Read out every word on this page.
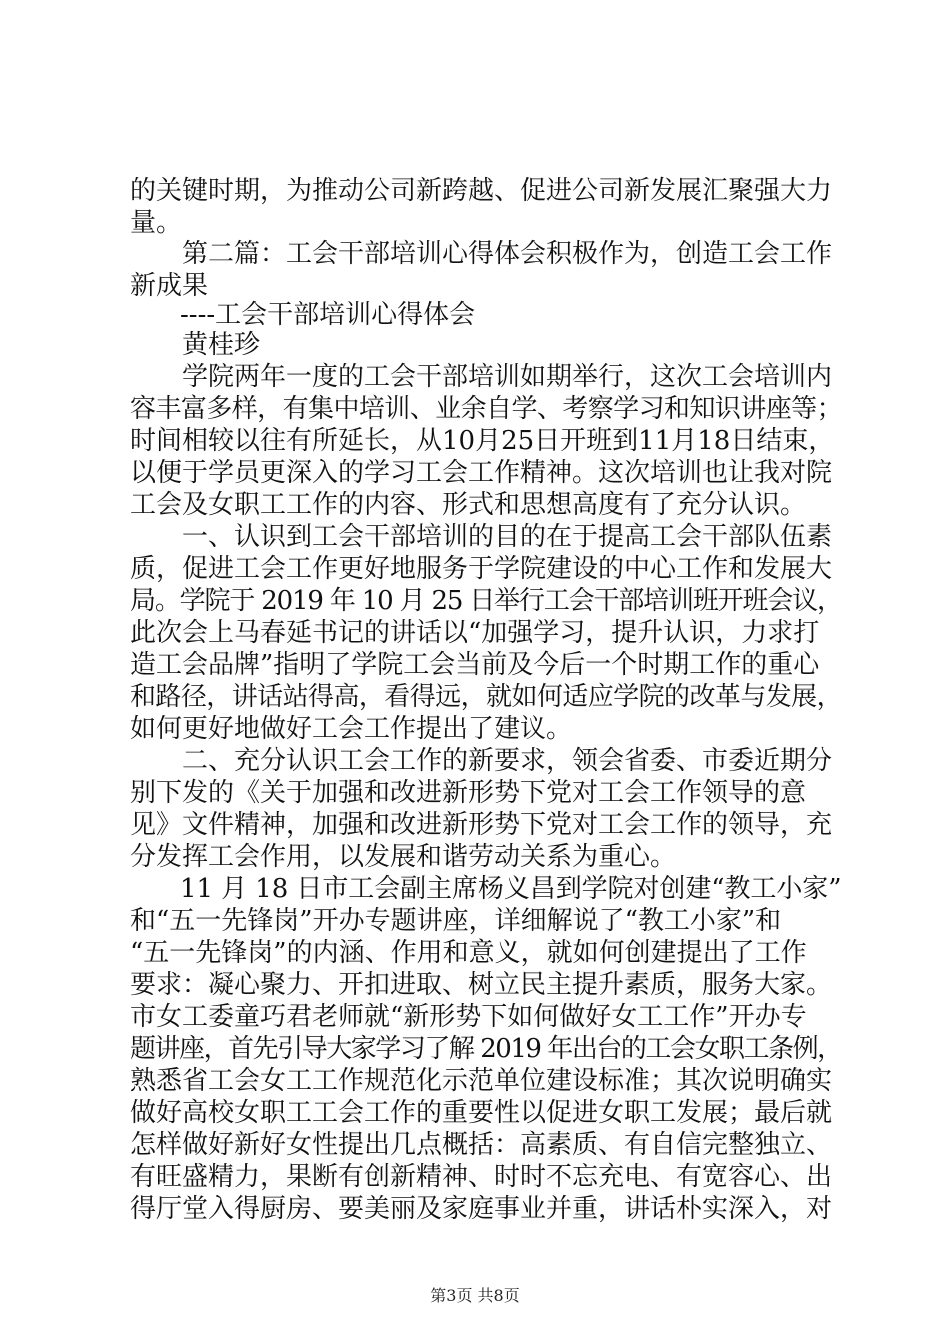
的关键时期，为推动公司新跨越、促进公司新发展汇聚强大力

量。

第二篇：工会干部培训心得体会积极作为，创造工会工作

新成果

----工会干部培训心得体会

黄桂珍

学院两年一度的工会干部培训如期举行，这次工会培训内

容丰富多样，有集中培训、业余自学、考察学习和知识讲座等；

时间相较以往有所延长，从10月25日开班到11月18日结束，

以便于学员更深入的学习工会工作精神。这次培训也让我对院

工会及女职工工作的内容、形式和思想高度有了充分认识。

一、认识到工会干部培训的目的在于提高工会干部队伍素

质，促进工会工作更好地服务于学院建设的中心工作和发展大

局。学院于 2019 年 10 月 25 日举行工会干部培训班开班会议，

此次会上马春延书记的讲话以“加强学习，提升认识，力求打

造工会品牌”指明了学院工会当前及今后一个时期工作的重心

和路径，讲话站得高，看得远，就如何适应学院的改革与发展，

如何更好地做好工会工作提出了建议。

二、充分认识工会工作的新要求，领会省委、市委近期分

别下发的《关于加强和改进新形势下党对工会工作领导的意

见》文件精神，加强和改进新形势下党对工会工作的领导，充

分发挥工会作用，以发展和谐劳动关系为重心。

11 月 18 日市工会副主席杨义昌到学院对创建“教工小家”

和“五一先锋岗”开办专题讲座，详细解说了“教工小家”和

“五一先锋岗”的内涵、作用和意义，就如何创建提出了工作

要求：凝心聚力、开扣进取、树立民主提升素质，服务大家。

市女工委童巧君老师就“新形势下如何做好女工工作”开办专

题讲座，首先引导大家学习了解 2019 年出台的工会女职工条例，

熟悉省工会女工工作规范化示范单位建设标准；其次说明确实

做好高校女职工工会工作的重要性以促进女职工发展；最后就

怎样做好新好女性提出几点概括：高素质、有自信完整独立、

有旺盛精力，果断有创新精神、时时不忘充电、有宽容心、出

得厅堂入得厨房、要美丽及家庭事业并重，讲话朴实深入，对

第3页 共8页
